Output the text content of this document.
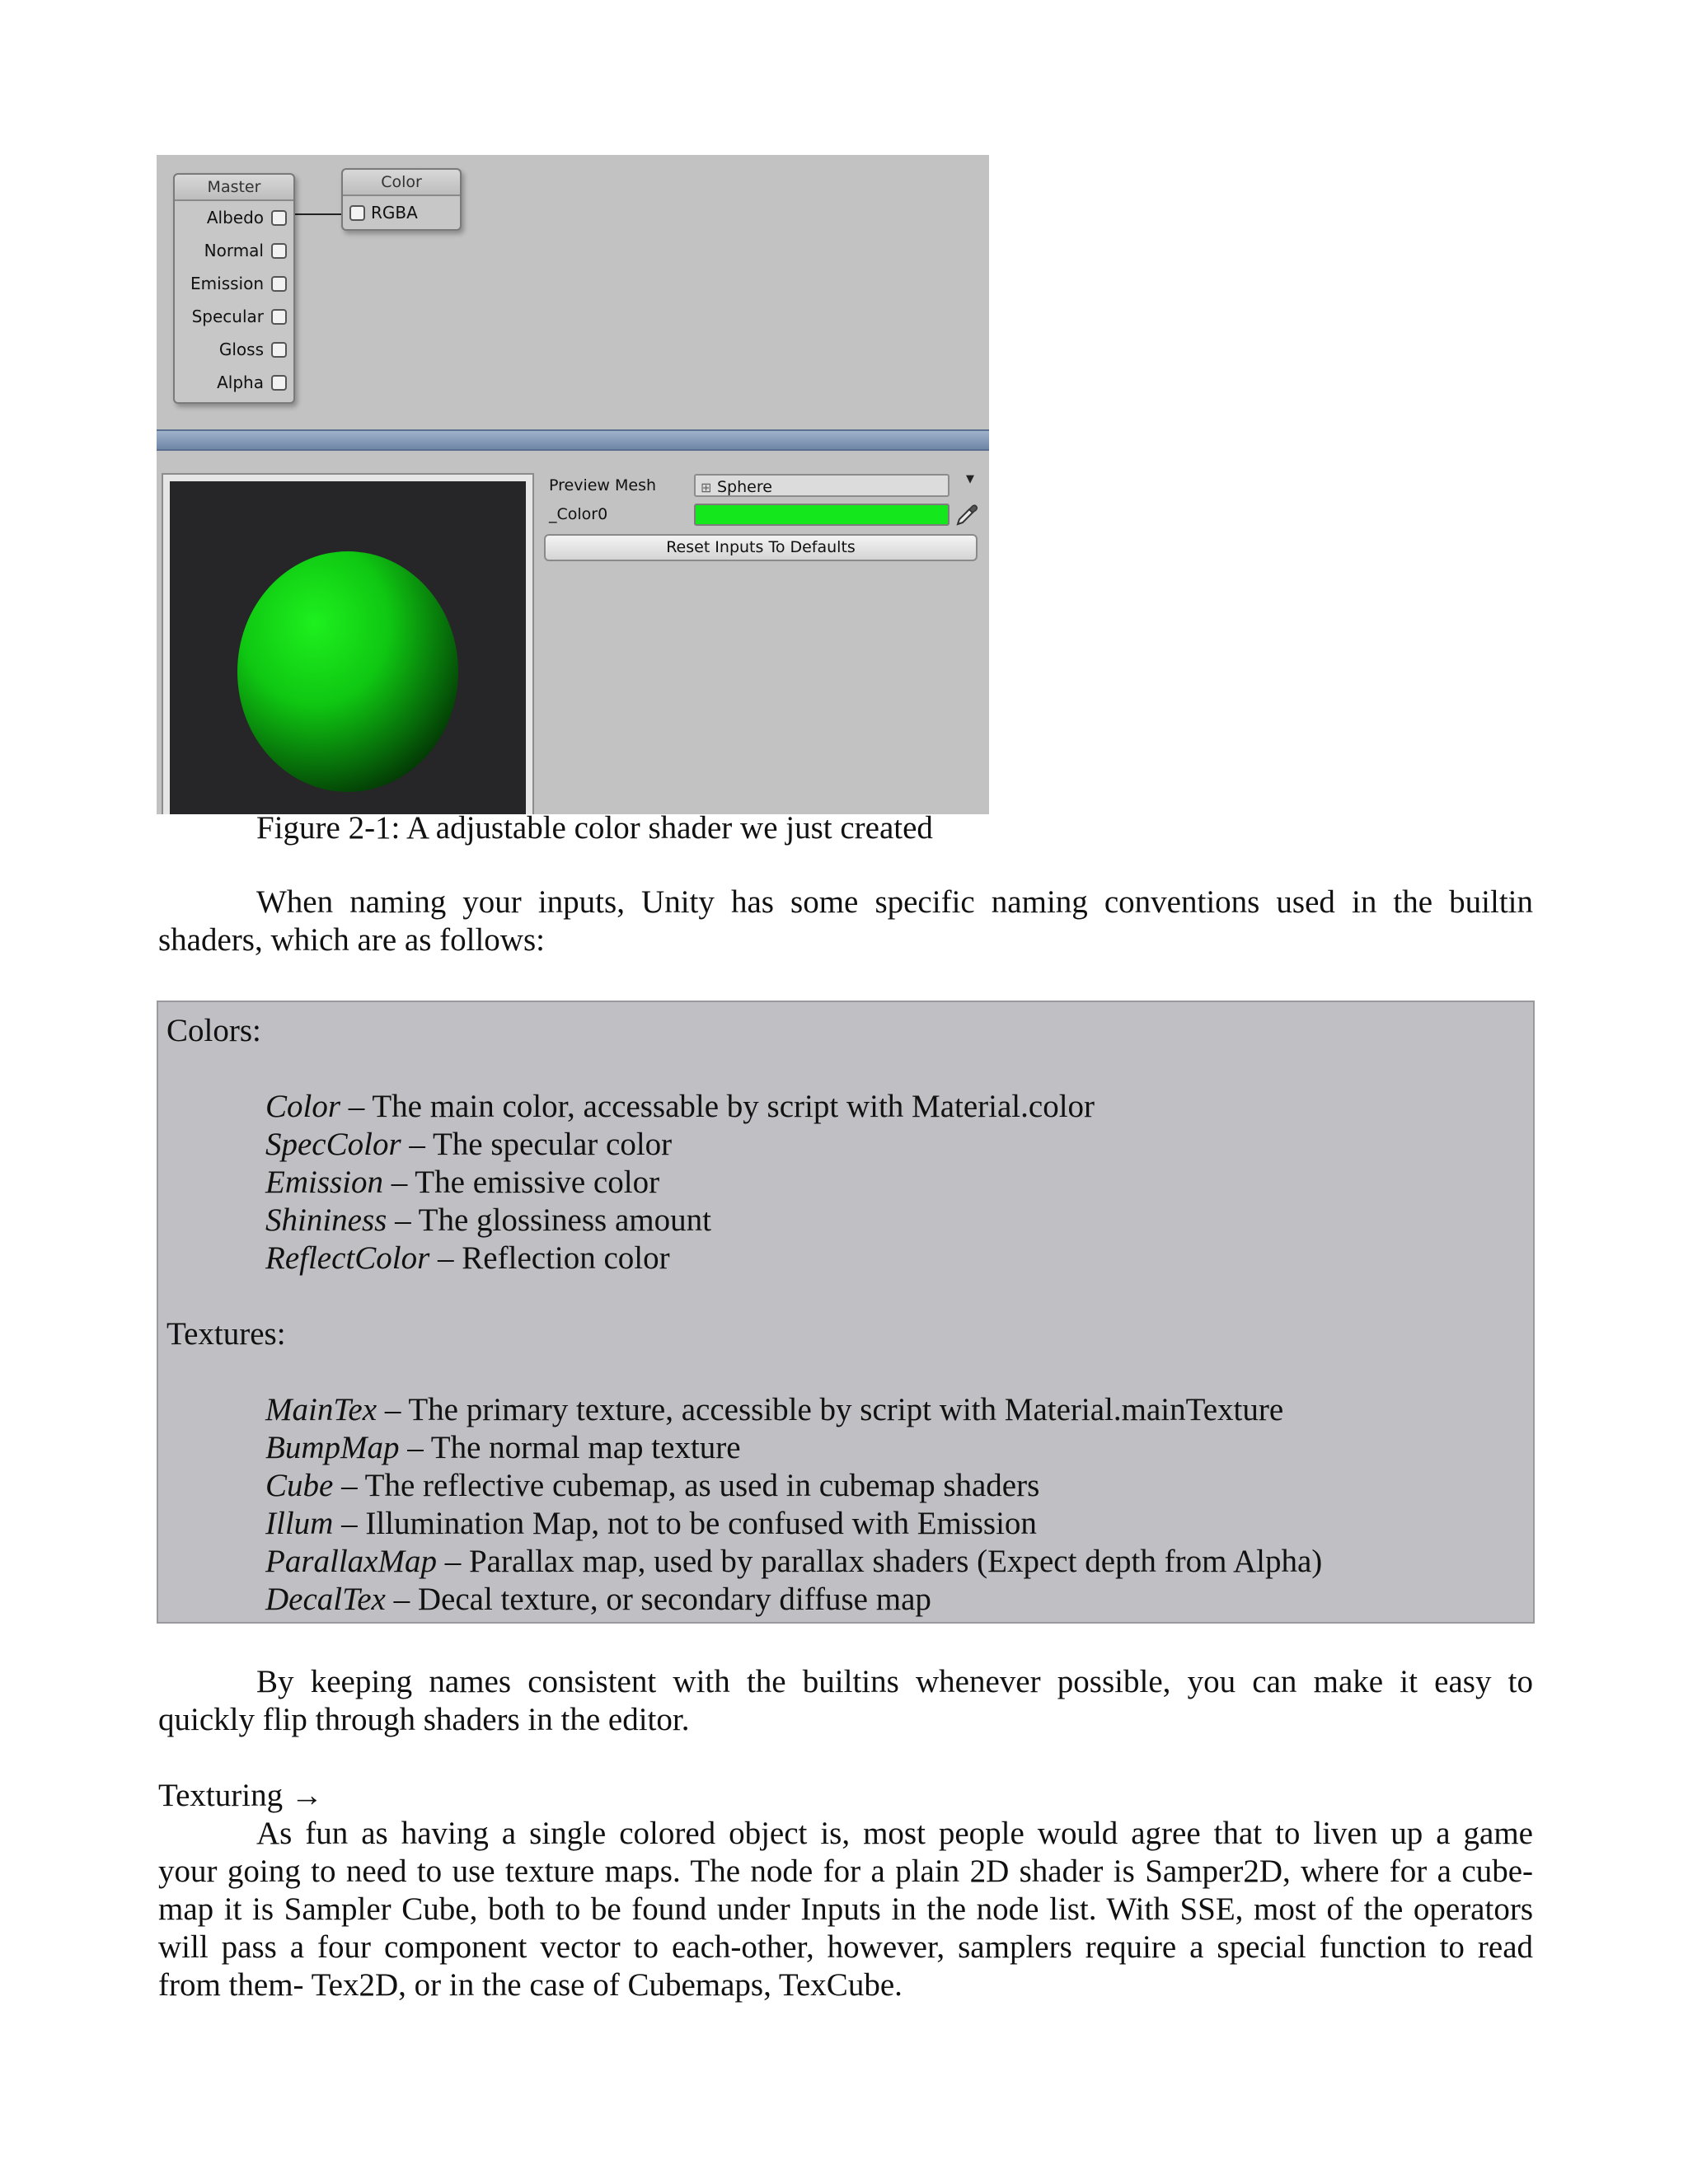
Master
Albedo
Normal
Emission
Specular
Gloss
Alpha
Color
RGBA
Preview Mesh	⊞ Sphere	▼
_Color0
Reset Inputs To Defaults
Figure 2-1: A adjustable color shader we just created
When naming your inputs, Unity has some specific naming conventions used in the builtin
shaders, which are as follows:
Colors:
Color – The main color, accessable by script with Material.color
SpecColor – The specular color
Emission – The emissive color
Shininess – The glossiness amount
ReflectColor – Reflection color
Textures:
MainTex – The primary texture, accessible by script with Material.mainTexture
BumpMap – The normal map texture
Cube – The reflective cubemap, as used in cubemap shaders
Illum – Illumination Map, not to be confused with Emission
ParallaxMap – Parallax map, used by parallax shaders (Expect depth from Alpha)
DecalTex – Decal texture, or secondary diffuse map
By keeping names consistent with the builtins whenever possible, you can make it easy to
quickly flip through shaders in the editor.
Texturing →
As fun as having a single colored object is, most people would agree that to liven up a game
your going to need to use texture maps. The node for a plain 2D shader is Samper2D, where for a cube-
map it is Sampler Cube, both to be found under Inputs in the node list. With SSE, most of the operators
will pass a four component vector to each-other, however, samplers require a special function to read
from them- Tex2D, or in the case of Cubemaps, TexCube.
